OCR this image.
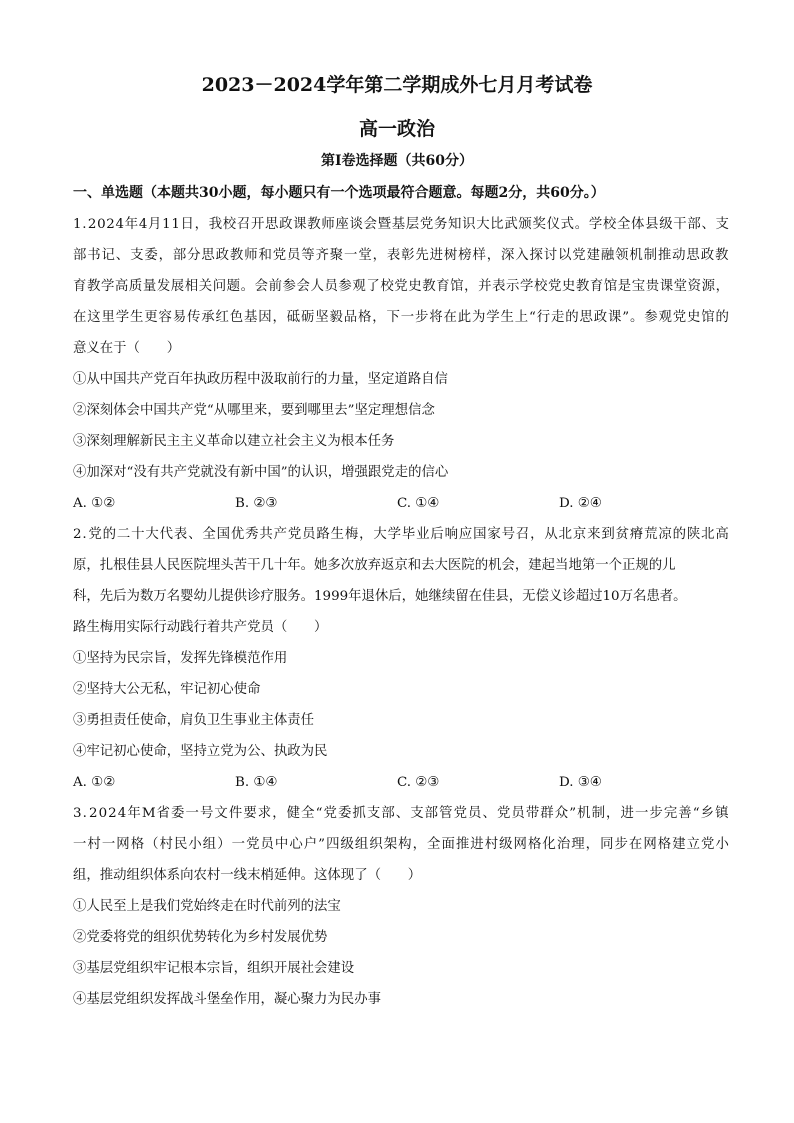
2023－2024学年第二学期成外七月月考试卷
高一政治
第Ⅰ卷选择题（共60分）
一、单选题（本题共30小题，每小题只有一个选项最符合题意。每题2分，共60分。）
1 . 2 0 2 4 年 4 月 1 1 日 ， 我 校 召 开 思 政 课 教 师 座 谈 会 暨 基 层 党 务 知 识 大 比 武 颁 奖 仪 式 。 学 校 全 体 县 级 干 部 、 支
部 书 记 、 支 委 ， 部 分 思 政 教 师 和 党 员 等 齐 聚 一 堂 ， 表 彰 先 进 树 榜 样 ， 深 入 探 讨 以 党 建 融 领 机 制 推 动 思 政 教
育 教 学 高 质 量 发 展 相 关 问 题 。 会 前 参 会 人 员 参 观 了 校 党 史 教 育 馆 ， 并 表 示 学 校 党 史 教 育 馆 是 宝 贵 课 堂 资 源 ，
在 这 里 学 生 更 容 易 传 承 红 色 基 因 ， 砥 砺 坚 毅 品 格 ， 下 一 步 将 在 此 为 学 生 上 “ 行 走 的 思 政 课 ” 。 参 观 党 史 馆 的
意义在于（　　）
①从中国共产党百年执政历程中汲取前行的力量，坚定道路自信
②深刻体会中国共产党“从哪里来，要到哪里去”坚定理想信念
③深刻理解新民主主义革命以建立社会主义为根本任务
④加深对“没有共产党就没有新中国”的认识，增强跟党走的信心
A. ①②	B. ②③	C. ①④	D. ②④
2 . 党 的 二 十 大 代 表 、 全 国 优 秀 共 产 党 员 路 生 梅 ， 大 学 毕 业 后 响 应 国 家 号 召 ， 从 北 京 来 到 贫 瘠 荒 凉 的 陕 北 高
原，扎根佳县人民医院埋头苦干几十年。她多次放弃返京和去大医院的机会，建起当地第一个正规的儿
科，先后为数万名婴幼儿提供诊疗服务。1999年退休后，她继续留在佳县，无偿义诊超过10万名患者。
路生梅用实际行动践行着共产党员（　　）
①坚持为民宗旨，发挥先锋模范作用
②坚持大公无私，牢记初心使命
③勇担责任使命，肩负卫生事业主体责任
④牢记初心使命，坚持立党为公、执政为民
A. ①②	B. ①④	C. ②③	D. ③④
3 . 2 0 2 4 年 M 省 委 一 号 文 件 要 求 ， 健 全 “ 党 委 抓 支 部 、 支 部 管 党 员 、 党 员 带 群 众 ” 机 制 ， 进 一 步 完 善 “ 乡 镇
一 村 一 网 格 （ 村 民 小 组 ） 一 党 员 中 心 户 ” 四 级 组 织 架 构 ， 全 面 推 进 村 级 网 格 化 治 理 ， 同 步 在 网 格 建 立 党 小
组，推动组织体系向农村一线末梢延伸。这体现了（　　）
①人民至上是我们党始终走在时代前列的法宝
②党委将党的组织优势转化为乡村发展优势
③基层党组织牢记根本宗旨，组织开展社会建设
④基层党组织发挥战斗堡垒作用，凝心聚力为民办事
